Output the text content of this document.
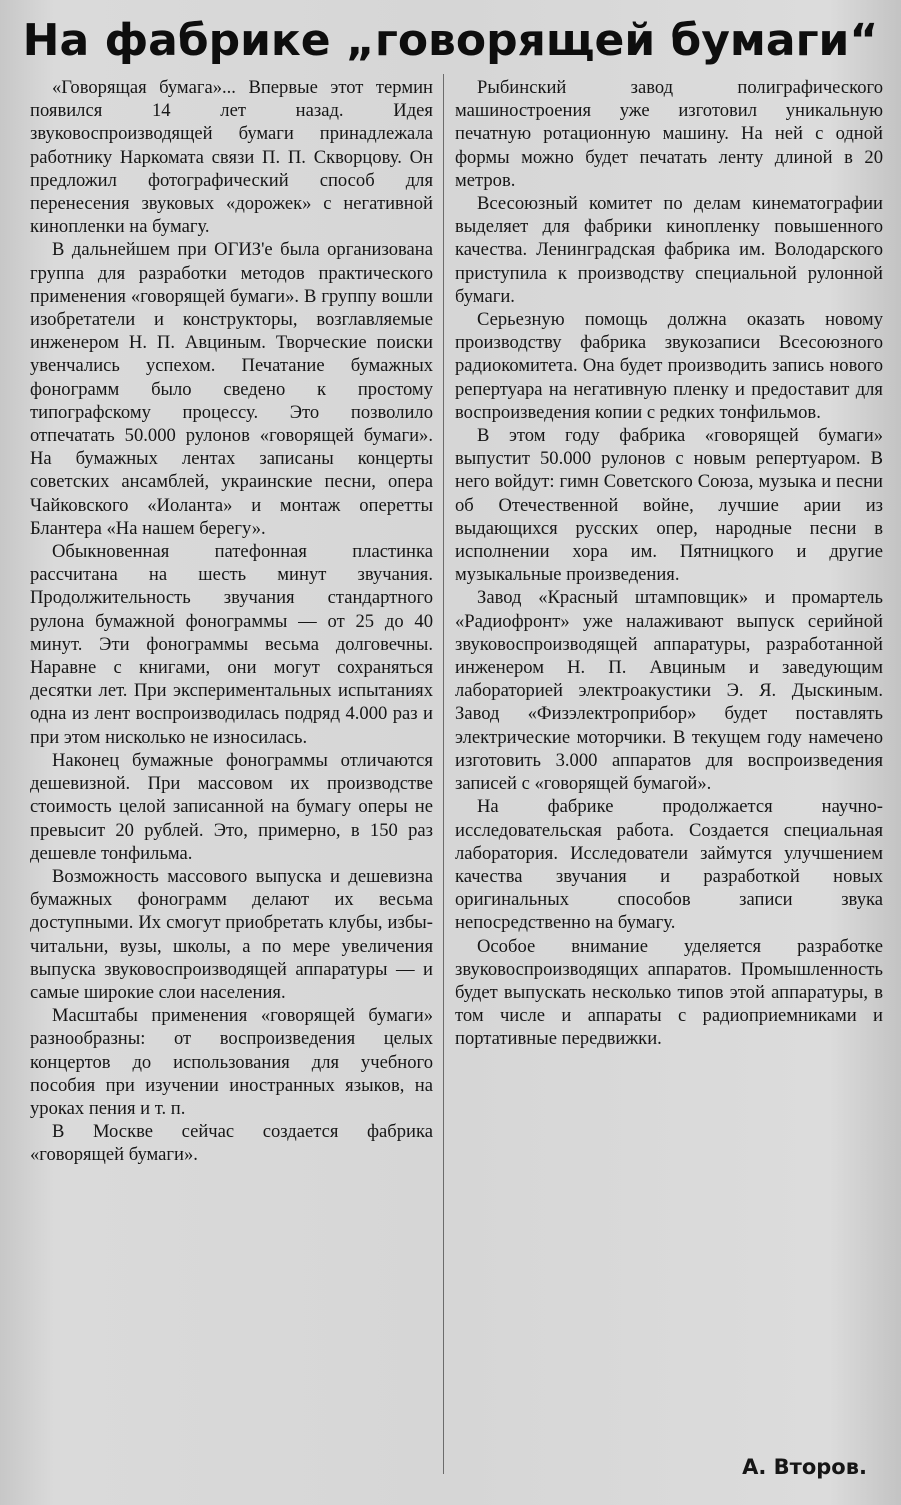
На фабрике „говорящей бумаги“

«Говорящая бумага»... Впервые этот термин появился 14 лет назад. Идея звуковоспроизводящей бумаги принадлежала работнику Наркомата связи П. П. Скворцову. Он предложил фотографический способ для перенесения звуковых «дорожек» с негативной кинопленки на бумагу.

В дальнейшем при ОГИЗ'е была организована группа для разработки методов практического применения «говорящей бумаги». В группу вошли изобретатели и конструкторы, возглавляемые инженером Н. П. Авциным. Творческие поиски увенчались успехом. Печатание бумажных фонограмм было сведено к простому типографскому процессу. Это позволило отпечатать 50.000 рулонов «говорящей бумаги». На бумажных лентах записаны концерты советских ансамблей, украинские песни, опера Чайковского «Иоланта» и монтаж оперетты Блантера «На нашем берегу».

Обыкновенная патефонная пластинка рассчитана на шесть минут звучания. Продолжительность звучания стандартного рулона бумажной фонограммы — от 25 до 40 минут. Эти фонограммы весьма долговечны. Наравне с книгами, они могут сохраняться десятки лет. При экспериментальных испытаниях одна из лент воспроизводилась подряд 4.000 раз и при этом нисколько не износилась.

Наконец бумажные фонограммы отличаются дешевизной. При массовом их производстве стоимость целой записанной на бумагу оперы не превысит 20 рублей. Это, примерно, в 150 раз дешевле тонфильма.

Возможность массового выпуска и дешевизна бумажных фонограмм делают их весьма доступными. Их смогут приобретать клубы, избы-читальни, вузы, школы, а по мере увеличения выпуска звуковоспроизводящей аппаратуры — и самые широкие слои населения.

Масштабы применения «говорящей бумаги» разнообразны: от воспроизведения целых концертов до использования для учебного пособия при изучении иностранных языков, на уроках пения и т. п.

В Москве сейчас создается фабрика «говорящей бумаги».

Рыбинский завод полиграфического машиностроения уже изготовил уникальную печатную ротационную машину. На ней с одной формы можно будет печатать ленту длиной в 20 метров.

Всесоюзный комитет по делам кинематографии выделяет для фабрики кинопленку повышенного качества. Ленинградская фабрика им. Володарского приступила к производству специальной рулонной бумаги.

Серьезную помощь должна оказать новому производству фабрика звукозаписи Всесоюзного радиокомитета. Она будет производить запись нового репертуара на негативную пленку и предоставит для воспроизведения копии с редких тонфильмов.

В этом году фабрика «говорящей бумаги» выпустит 50.000 рулонов с новым репертуаром. В него войдут: гимн Советского Союза, музыка и песни об Отечественной войне, лучшие арии из выдающихся русских опер, народные песни в исполнении хора им. Пятницкого и другие музыкальные произведения.

Завод «Красный штамповщик» и промартель «Радиофронт» уже налаживают выпуск серийной звуковоспроизводящей аппаратуры, разработанной инженером Н. П. Авциным и заведующим лабораторией электроакустики Э. Я. Дыскиным. Завод «Физэлектроприбор» будет поставлять электрические моторчики. В текущем году намечено изготовить 3.000 аппаратов для воспроизведения записей с «говорящей бумагой».

На фабрике продолжается научно-исследовательская работа. Создается специальная лаборатория. Исследователи займутся улучшением качества звучания и разработкой новых оригинальных способов записи звука непосредственно на бумагу.

Особое внимание уделяется разработке звуковоспроизводящих аппаратов. Промышленность будет выпускать несколько типов этой аппаратуры, в том числе и аппараты с радиоприемниками и портативные передвижки.

А. Второв.
